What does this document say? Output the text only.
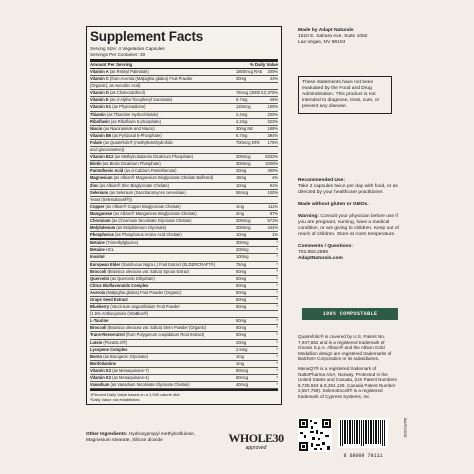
Supplement Facts
Serving Size: 4 Vegetarian Capsules
Servings Per Container: 30
Amount Per Serving	% Daily Value
Vitamin A (as Retinyl Palmitate)	1800mcg RAE	200%
Vitamin C (from Acerola (Malpighia glabra) Fruit Powder	40mg	44%
(Organic), as Ascorbic Acid)
Vitamin D (as Cholecalciferol)	75mcg (3000 IU) 375%
Vitamin E (as d-Alpha-Tocopheryl Succinate)	6.7mg	45%
Vitamin K1 (as Phytonadione)	120mcg	100%
Thiamin (as Thiamine Hydrochloride)	2.4mg	200%
Riboflavin (as Riboflavin 5-phosphate)	4.2mg	323%
Niacin (as Niacinamide and Niacin)	30mg NE	188%
Vitamin B6 (as Pyridoxal 5-Phosphate)	6.7mg	394%
Folate (as Quatrefolic® (methyltetrahydrofolic	700mcg DFE	175%
acid glucosamine))
Vitamin B12 (as Methylcobalamin Dicalcium Phosphate)	200mcg	8333%
Biotin (as Biotin Dicalcium Phosphate)	300mcg	1000%
Pantothenic Acid (as d-Calcium Pantothenate)	20mg	400%
Magnesium (as Albion® Magnesium Bisglycinate Chelate Buffered)	18mg	4%
Zinc (as Albion® Zinc Bisglycinate Chelate)	10mg	91%
Selenium (as Selenium (Saccharomyces cerevisiae)	55mcg	100%
Yeast (SelenoExcell®))
Copper (as Albion® Copper Bisglycinate Chelate)	1mg	111%
Manganese (as Albion® Manganese Bisglycinate Chelate)	2mg	87%
Chromium (as Chromium Nicotinate Glycinate Chelate)	200mcg	571%
Molybdenum (as Molybdenum Glycinate)	200mcg	444%
Phosphorus (as Phosphorus Amino Acid Chelate)	10mg	1%
Betaine (Trimethylglycine)	300mg	*
Betaine HCL	200mg	*
Inositol	100mg	*
European Elder (Sambucus Nigra L) Fruit Extract (ELDERCRAFT®)	75mg	*
Broccoli (Brassica oleracea var. italica) Sprout Extract	50mg	*
Quercetin (as Quercetin Dihydrate)	50mg	*
Citrus Bioflavonoids Complex	50mg	*
Acerola (Malpighia glabra) Fruit Powder (Organic)	50mg	*
Grape Seed Extract	50mg	*
Blueberry (Vaccinium angustifolium Fruit Powder	50mg	*
(1.5% Anthocyanins (VitaBlue®)
L-Taurine	50mg	*
Broccoli (Brassica oleracea var. italica) Stem Powder (Organic)	50mg	*
Trans-Resveratrol (from Polygonum cuspidatum Root Extract)	50mg	*
Lutein (FloraGLO®)	20mg	*
Lycopene Complex	2.5mg	*
Boron (as Borogenic Glycinate)	1mg	*
Benfotiamine	1mg	*
Vitamin K2 (as Menaquinone-7)	80mcg	*
Vitamin K2 (as Menaquinone-4)	80mcg	*
Vanadium (as Vanadium Nicotinate Glycinate Chelate)	40mcg	*
†Percent Daily Value based on a 2,000 calorie diet.
*Daily Value not established.
Other Ingredients: Hydroxypropyl methylcellulose, Magnesium stearate, Silicon dioxide	WHOLE30
approved
Made by Adapt Naturals
1810 E. Sahara Ave, Suite 1052
Las Vegas, NV 89104
These statements have not been evaluated by the Food and Drug Administration. This product is not intended to diagnose, treat, cure, or prevent any disease.
Recommended Use:
Take 2 capsules twice per day with food, or as directed by your healthcare practitioner.
Made without gluten or GMOs.
Warning: Consult your physician before use if you are pregnant, nursing, have a medical condition, or are giving to children. Keep out of reach of children. Store at room temperature.
Comments / Questions:
702.850.2599
AdaptNaturals.com
100% COMPOSTABLE
Quatrefolic® is covered by U.S. Patent No. 7,947,662 and is a registered trademark of Gnosis S.p.A. Albion® and the Albion Gold Medallion design are registered trademarks of Balchem Corporation or its subsidiaries.
MenaQ7® is a registered trademark of NattoPharma ASA, Norway. Protected in the United States and Canada, (US Patent Numbers 8,728,553 & 8,354,129, Canada Patent Number 2,557,759). SelenoExcell® is a registered trademark of Cypress Systems, Inc.
8 68009 79111
BARCODE
